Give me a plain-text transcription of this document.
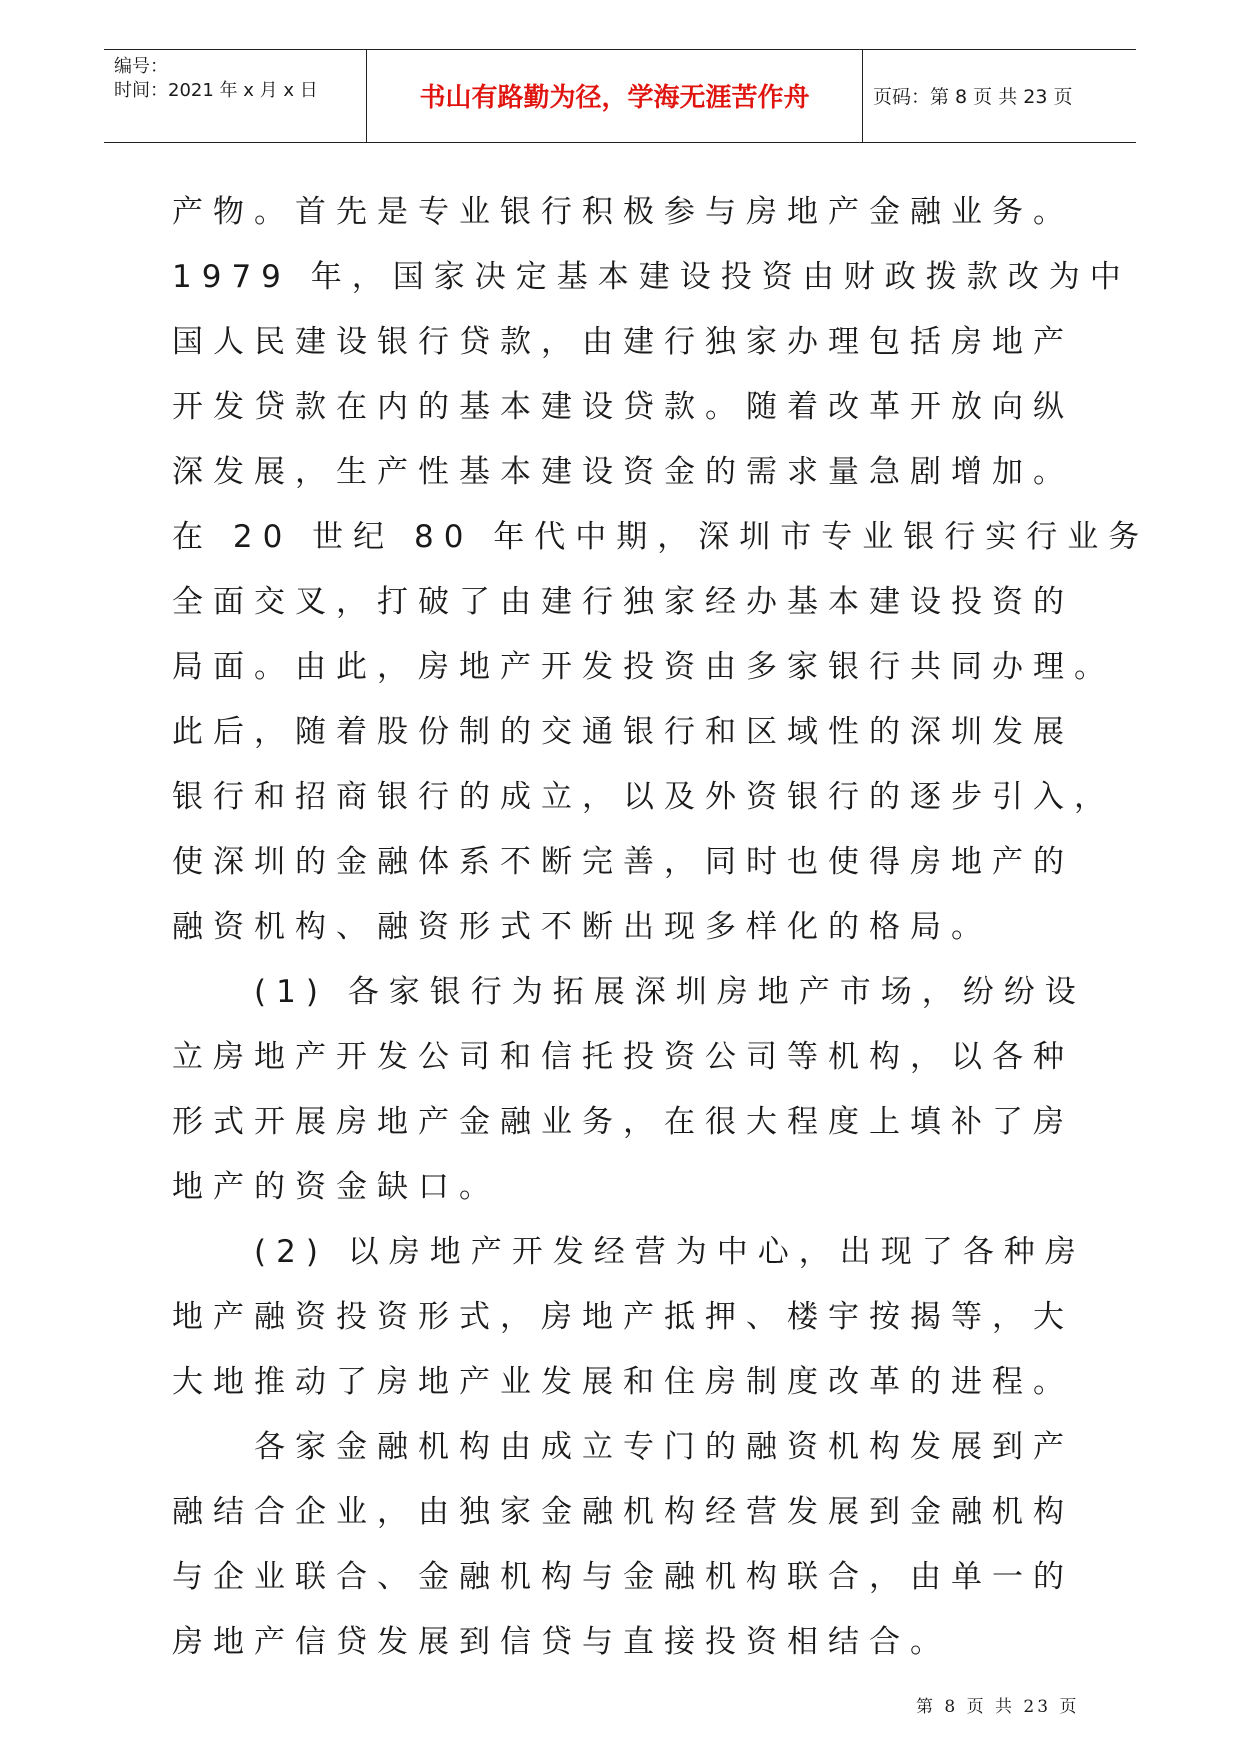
编号：
时间：2021 年 x 月 x 日	书山有路勤为径，学海无涯苦作舟	页码：第 8 页 共 23 页
产物。首先是专业银行积极参与房地产金融业务。
1979 年，国家决定基本建设投资由财政拨款改为中
国人民建设银行贷款，由建行独家办理包括房地产
开发贷款在内的基本建设贷款。随着改革开放向纵
深发展，生产性基本建设资金的需求量急剧增加。
在 20 世纪 80 年代中期，深圳市专业银行实行业务
全面交叉，打破了由建行独家经办基本建设投资的
局面。由此，房地产开发投资由多家银行共同办理。
此后，随着股份制的交通银行和区域性的深圳发展
银行和招商银行的成立，以及外资银行的逐步引入，
使深圳的金融体系不断完善，同时也使得房地产的
融资机构、融资形式不断出现多样化的格局。
(1) 各家银行为拓展深圳房地产市场，纷纷设
立房地产开发公司和信托投资公司等机构，以各种
形式开展房地产金融业务，在很大程度上填补了房
地产的资金缺口。
(2) 以房地产开发经营为中心，出现了各种房
地产融资投资形式，房地产抵押、楼宇按揭等，大
大地推动了房地产业发展和住房制度改革的进程。
各家金融机构由成立专门的融资机构发展到产
融结合企业，由独家金融机构经营发展到金融机构
与企业联合、金融机构与金融机构联合，由单一的
房地产信贷发展到信贷与直接投资相结合。
第 8 页 共 23 页
